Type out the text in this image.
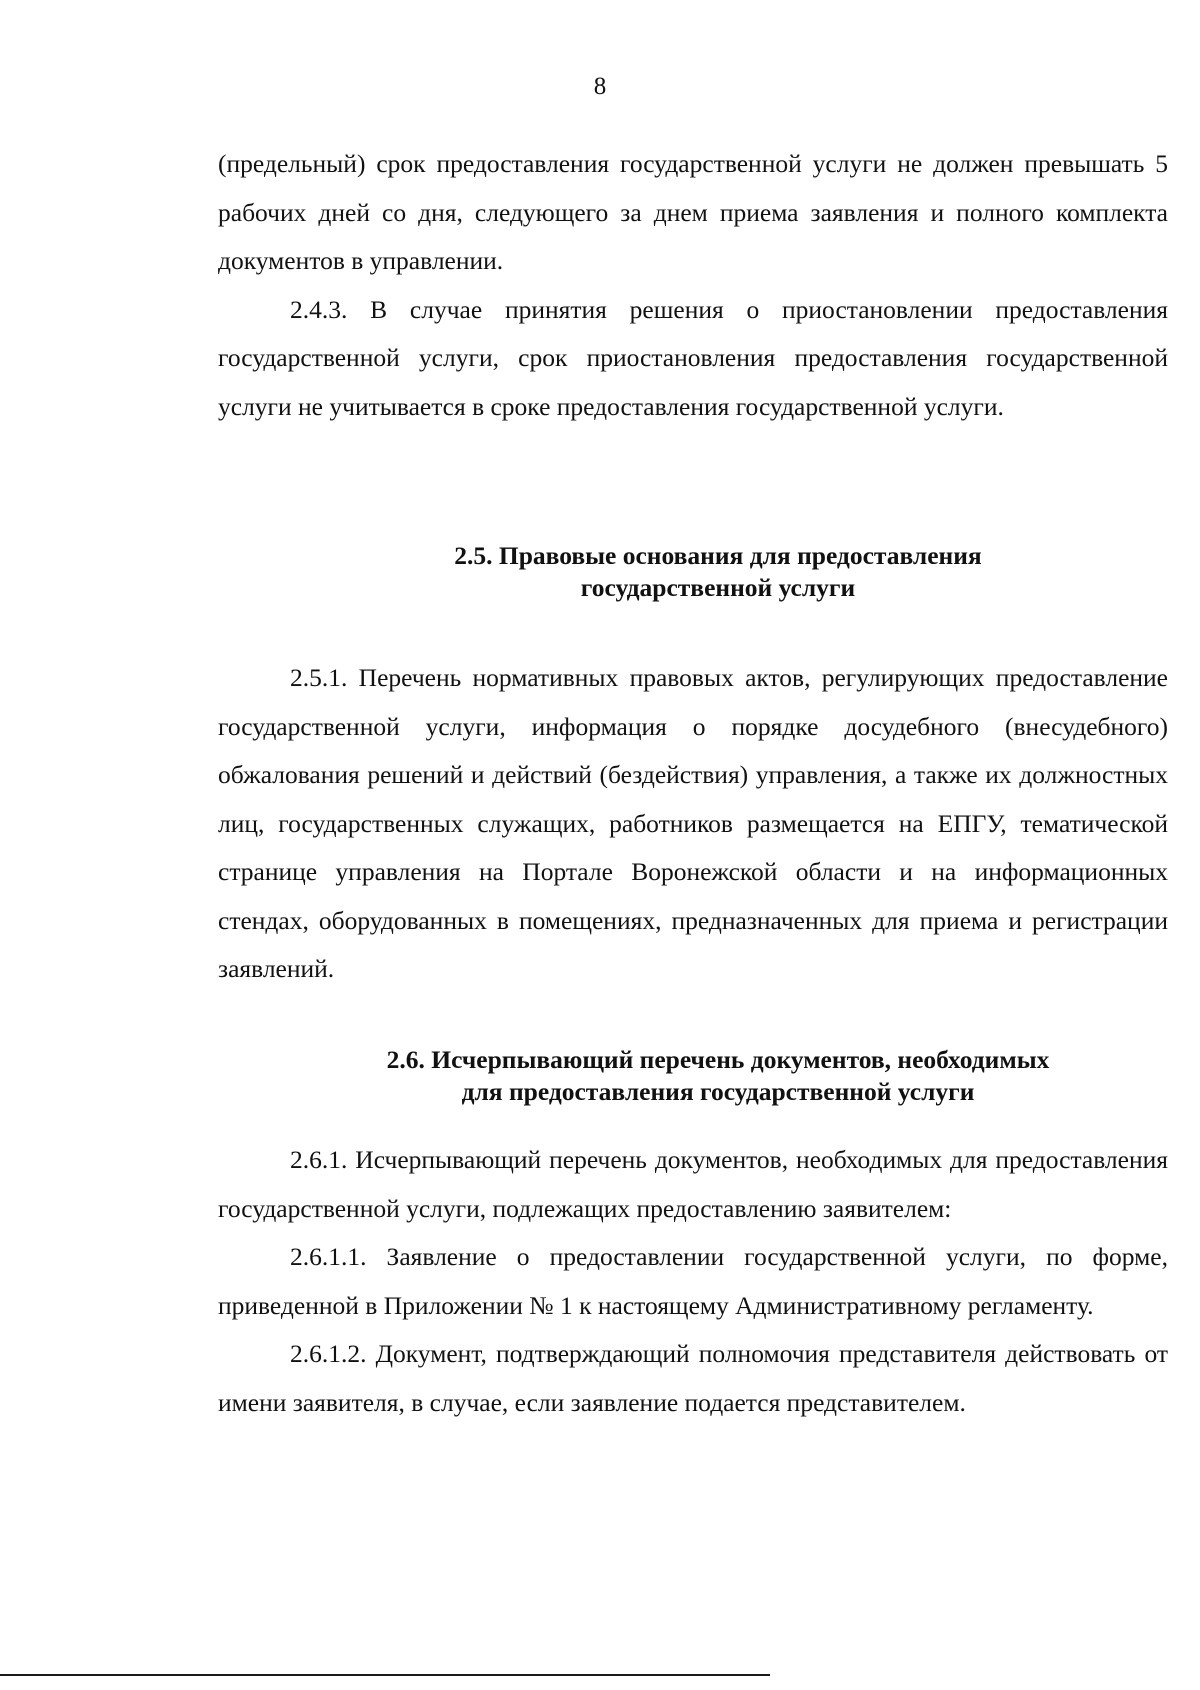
8

(предельный) срок предоставления государственной услуги не должен превышать 5 рабочих дней со дня, следующего за днем приема заявления и полного комплекта документов в управлении.

2.4.3. В случае принятия решения о приостановлении предоставления государственной услуги, срок приостановления предоставления государственной услуги не учитывается в сроке предоставления государственной услуги.

2.5. Правовые основания для предоставления
государственной услуги

2.5.1. Перечень нормативных правовых актов, регулирующих предоставление государственной услуги, информация о порядке досудебного (внесудебного) обжалования решений и действий (бездействия) управления, а также их должностных лиц, государственных служащих, работников размещается на ЕПГУ, тематической странице управления на Портале Воронежской области и на информационных стендах, оборудованных в помещениях, предназначенных для приема и регистрации заявлений.

2.6. Исчерпывающий перечень документов, необходимых
для предоставления государственной услуги

2.6.1. Исчерпывающий перечень документов, необходимых для предоставления государственной услуги, подлежащих предоставлению заявителем:

2.6.1.1. Заявление о предоставлении государственной услуги, по форме, приведенной в Приложении № 1 к настоящему Административному регламенту.

2.6.1.2. Документ, подтверждающий полномочия представителя действовать от имени заявителя, в случае, если заявление подается представителем.
